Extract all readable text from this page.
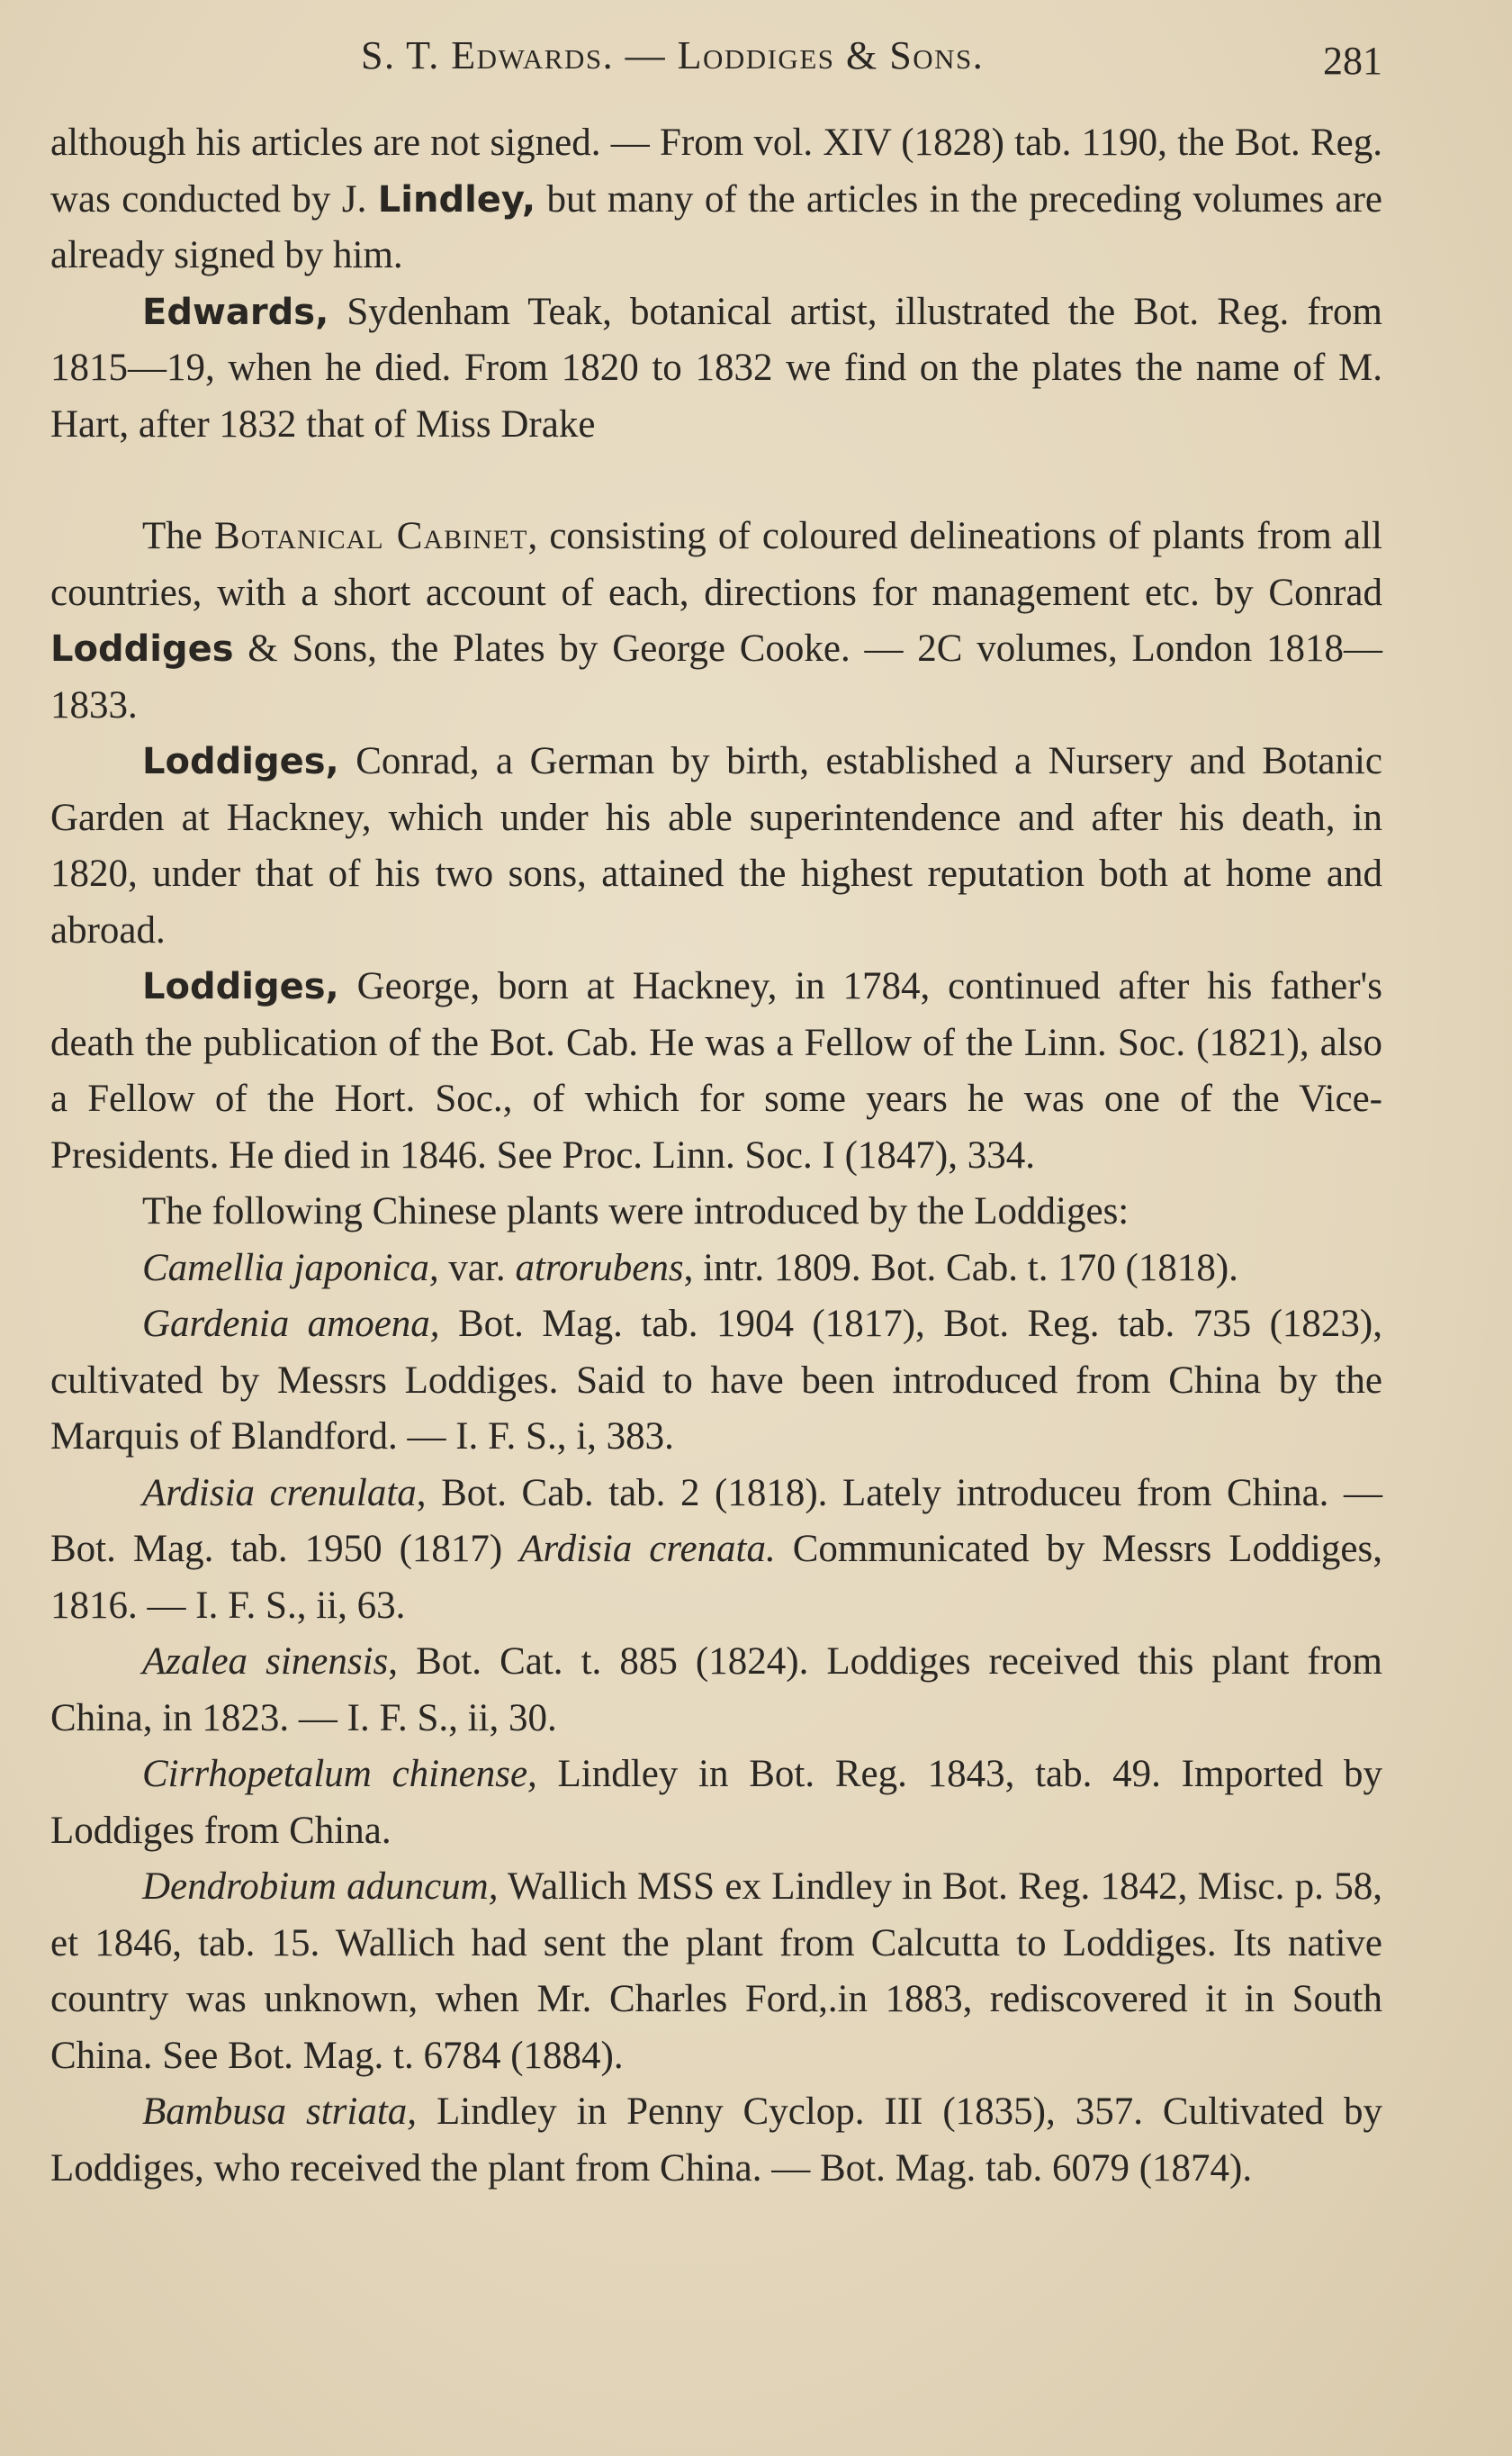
S. T. Edwards. — Loddiges & Sons.	281

although his articles are not signed. — From vol. XIV (1828) tab. 1190, the Bot. Reg. was conducted by J. Lindley, but many of the articles in the preceding volumes are already signed by him.

Edwards, Sydenham Teak, botanical artist, illustrated the Bot. Reg. from 1815—19, when he died. From 1820 to 1832 we find on the plates the name of M. Hart, after 1832 that of Miss Drake

The Botanical Cabinet, consisting of coloured delineations of plants from all countries, with a short account of each, directions for management etc. by Conrad Loddiges & Sons, the Plates by George Cooke. — 2C volumes, London 1818—1833.

Loddiges, Conrad, a German by birth, established a Nursery and Botanic Garden at Hackney, which under his able superintendence and after his death, in 1820, under that of his two sons, attained the highest reputation both at home and abroad.

Loddiges, George, born at Hackney, in 1784, continued after his father's death the publication of the Bot. Cab. He was a Fellow of the Linn. Soc. (1821), also a Fellow of the Hort. Soc., of which for some years he was one of the Vice-Presidents. He died in 1846. See Proc. Linn. Soc. I (1847), 334.

The following Chinese plants were introduced by the Loddiges:

Camellia japonica, var. atrorubens, intr. 1809. Bot. Cab. t. 170 (1818).

Gardenia amoena, Bot. Mag. tab. 1904 (1817), Bot. Reg. tab. 735 (1823), cultivated by Messrs Loddiges. Said to have been introduced from China by the Marquis of Blandford. — I. F. S., i, 383.

Ardisia crenulata, Bot. Cab. tab. 2 (1818). Lately introduceu from China. — Bot. Mag. tab. 1950 (1817) Ardisia crenata. Communicated by Messrs Loddiges, 1816. — I. F. S., ii, 63.

Azalea sinensis, Bot. Cat. t. 885 (1824). Loddiges received this plant from China, in 1823. — I. F. S., ii, 30.

Cirrhopetalum chinense, Lindley in Bot. Reg. 1843, tab. 49. Imported by Loddiges from China.

Dendrobium aduncum, Wallich MSS ex Lindley in Bot. Reg. 1842, Misc. p. 58, et 1846, tab. 15. Wallich had sent the plant from Calcutta to Loddiges. Its native country was unknown, when Mr. Charles Ford,.in 1883, rediscovered it in South China. See Bot. Mag. t. 6784 (1884).

Bambusa striata, Lindley in Penny Cyclop. III (1835), 357. Cultivated by Loddiges, who received the plant from China. — Bot. Mag. tab. 6079 (1874).
